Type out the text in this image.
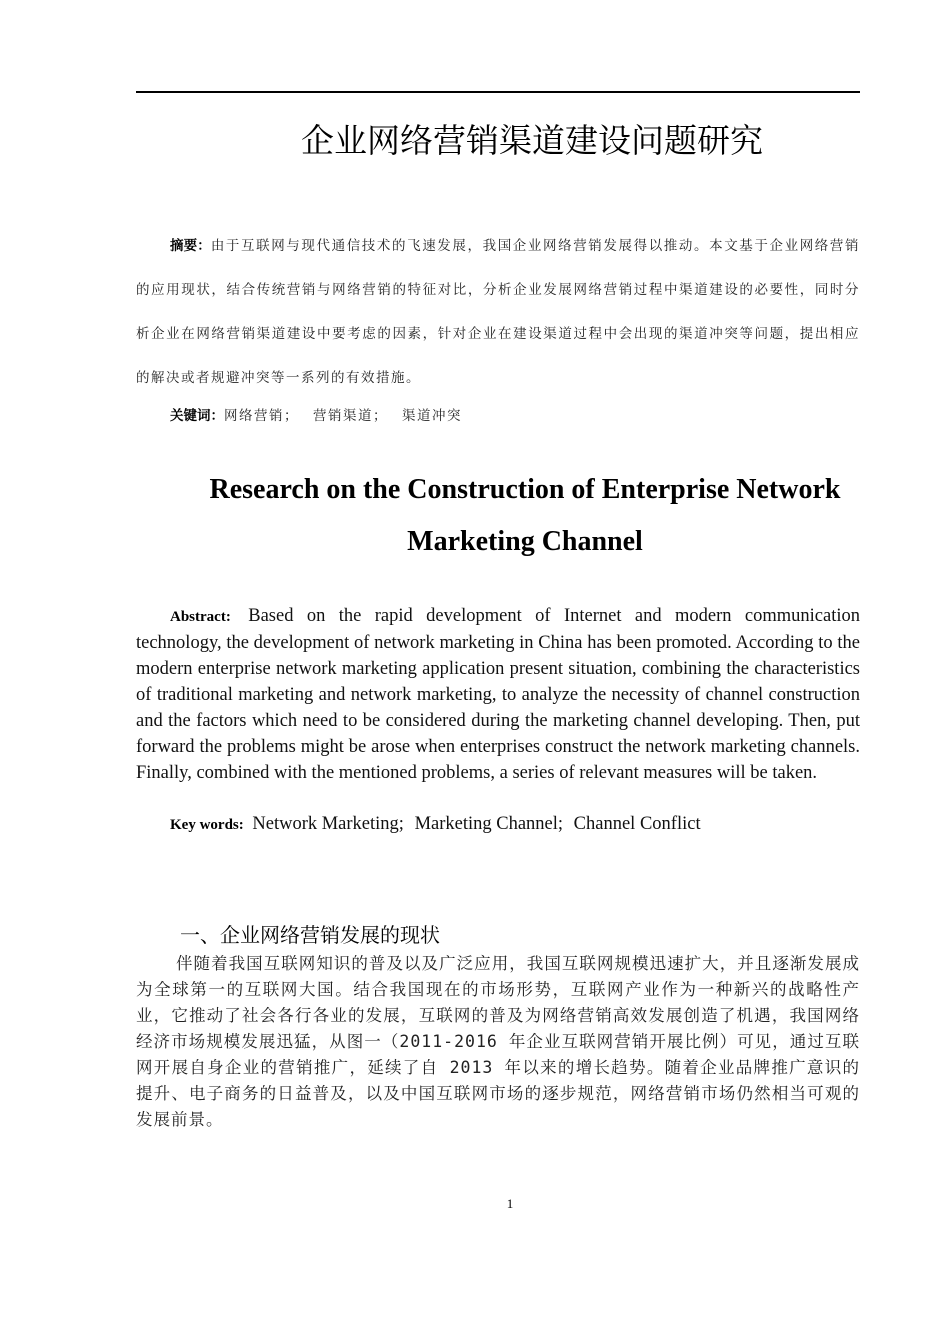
企业网络营销渠道建设问题研究

摘要：由于互联网与现代通信技术的飞速发展，我国企业网络营销发展得以推动。本文基于企业网络营销的应用现状，结合传统营销与网络营销的特征对比，分析企业发展网络营销过程中渠道建设的必要性，同时分析企业在网络营销渠道建设中要考虑的因素，针对企业在建设渠道过程中会出现的渠道冲突等问题，提出相应的解决或者规避冲突等一系列的有效措施。

关键词：网络营销； 营销渠道； 渠道冲突

Research on the Construction of Enterprise Network Marketing Channel

Abstract: Based on the rapid development of Internet and modern communication technology, the development of network marketing in China has been promoted. According to the modern enterprise network marketing application present situation, combining the characteristics of traditional marketing and network marketing, to analyze the necessity of channel construction and the factors which need to be considered during the marketing channel developing. Then, put forward the problems might be arose when enterprises construct the network marketing channels. Finally, combined with the mentioned problems, a series of relevant measures will be taken.

Key words: Network Marketing; Marketing Channel; Channel Conflict

一、企业网络营销发展的现状

伴随着我国互联网知识的普及以及广泛应用，我国互联网规模迅速扩大，并且逐渐发展成为全球第一的互联网大国。结合我国现在的市场形势，互联网产业作为一种新兴的战略性产业，它推动了社会各行各业的发展，互联网的普及为网络营销高效发展创造了机遇，我国网络经济市场规模发展迅猛，从图一（2011-2016 年企业互联网营销开展比例）可见，通过互联网开展自身企业的营销推广，延续了自 2013 年以来的增长趋势。随着企业品牌推广意识的提升、电子商务的日益普及，以及中国互联网市场的逐步规范，网络营销市场仍然相当可观的发展前景。

1
